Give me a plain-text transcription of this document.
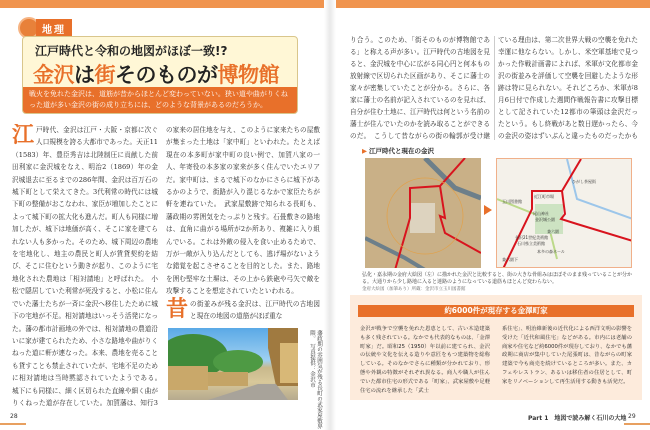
地理
江戸時代と令和の地図がほぼ一致!?
金沢は街そのものが博物館
戦火を免れた金沢は、道筋が昔からほとんど変わっていない。狭い道や曲がりくねった道が多い金沢の街の成り立ちには、どのような背景があるのだろうか。
江戸時代、金沢は江戸・大阪・京都に次ぐ人口規模を誇る大都市であった。天正11（1583）年、豊臣秀吉は北陸制圧に貢献した前田利家に金沢城をなえ、明治2（1869）年の金沢城退去に至るまでの286年間、金沢は百万石の城下町として栄えてきた。3代利常の時代には城下町の整備がおこなわれ、家臣が増加したことによって城下町の拡大化も進んだ。町人も同様に増加したが、城下は地価が高く、そこに家を建てられない人も多かった。そのため、城下周辺の農地を宅地化し、地主の農民と町人が賃貸契約を結び、そこに住むという動きが起り、このように宅地化された農地は「相対請地」と呼ばれた。　小松で隠居していた利常が死没すると、小松に住んでいた藩士たちが一斉に金沢へ移住したために城下の宅地が不足。相対請地はいっそう活発になった。藩の都市計画地の外では、相対請地の農道沿いに家が建てられたため、小さな路地や曲がりくねった道に軒が連なった。本来、農地を売ることも貸すことも禁止されていたが、宅地不足のために相対請地は当時黙認されていたようである。　城下にも同様に、細く区切られた直線や細く曲がりくねった道が存在していた。加賀藩は、知行3
の家来の居住地を与え、このように家来たちの屋敷が集まった土地は「家中町」といわれた。たとえば現在の本多町が家中町の良い例で、加賀八家の一人、年寄役の本多家の家来が多く住んでいたエリアだ。家中町は、まるで城下のなかにさらに城下があるかのようで、街路が入り混じるなかで家臣たちが軒を連ねていた。　武家屋敷跡で知られる長町も、藩政期の雰囲気をたっぷりと残す。石畳敷きの路地は、直角に曲がる場所が2か所あり、複雑に入り組んでいる。これは外敵の侵入を食い止めるためで、万が一敵が入り込んだとしても、逃げ場がないような錯覚を起こさせることを目的とした。また、路地を囲む堅牢な土塀は、その上から鉄砲や弓矢で敵を攻撃することを想定されていたといわれる。

昔 の街並みが残る金沢は、江戸時代の古地図と現在の地図の道筋がほぼ重な
藩政期の雰囲気が残る長町の武家屋敷界隈。　写真提供：金沢市
り合う。このため、「街そのものが博物館である」と称える声が多い。江戸時代の古地図を見ると、金沢城を中心に広がる同心円と何本もの放射線で区切られた区画があり、そこに藩士の家々が密集していたことが分かる。さらに、各家に藩士の名前が記入されているのを見れば、自分が住む土地に、江戸時代は何という名前の藩士が住んでいたのかを読み取ることができるのだ。　こうして昔ながらの街の輪郭が受け継
ている理由は、第二次世界大戦の空襲を免れた幸運に他ならない。しかし、米空軍基地で見つかった作戦計画書によれば、米軍が文化都市金沢の街並みを評価して空襲を回避したような形跡は特に見られない。それどころか、米軍が8月6日付で作成した週間作戦報告書に攻撃目標として記されていた12都市の筆頭は金沢だったという。もし終戦があと数日遅かったら、今の金沢の姿はずいぶんと違ったものだったかも
▶ 江戸時代と現在の金沢
尾山神社
金沢城公園
兼六園
玉川図書館
近江町市場
金沢21世紀美術館
石川県立美術館
本多の森ホール
兼六園下
ひがし茶屋街
弘化・嘉永期の金府大絵図（左）に描かれた金沢と比較すると、街の大きな骨組みはほぼそのまま残っていることが分かる。大通りから少し路地に入ると迷路のようになっている道筋もほとんど変わらない。
金府大絵図（加筆あり）所蔵：金沢市立玉川図書館
約6000件が現存する金澤町家
金沢が戦争で空襲を免れた恩恵として、古い木造建築も多く残されている。なかでも代表的なものは、「金澤町家」だ。昭和25（1950）年以前に建てられ、金沢の伝統や文化を伝える造りや意匠をもつ建築物を総称している。そのなかでさらに種類が分かれており、形態や外観の特徴がそれぞれ異なる。商人や職人が住んでいた都市住宅の形式である「町家」、武家屋敷や足軽住宅の流れを継承した「武士
系住宅」、明治維新後の近代化による西洋文明の影響を受けた「近代和風住宅」などがある。市内には老舗の商家や住宅など約6000件が現存しており、なかでも藩政期に商店が集中していた尾張町は、昔ながらの町家建築で今も商売を続けているところが多い。また、カフェやレストラン、あるいは移住者の住居として、町家をリノベーションして再生活用する動きも活発だ。
28	Part 1　地図で読み解く石川の大地 29
